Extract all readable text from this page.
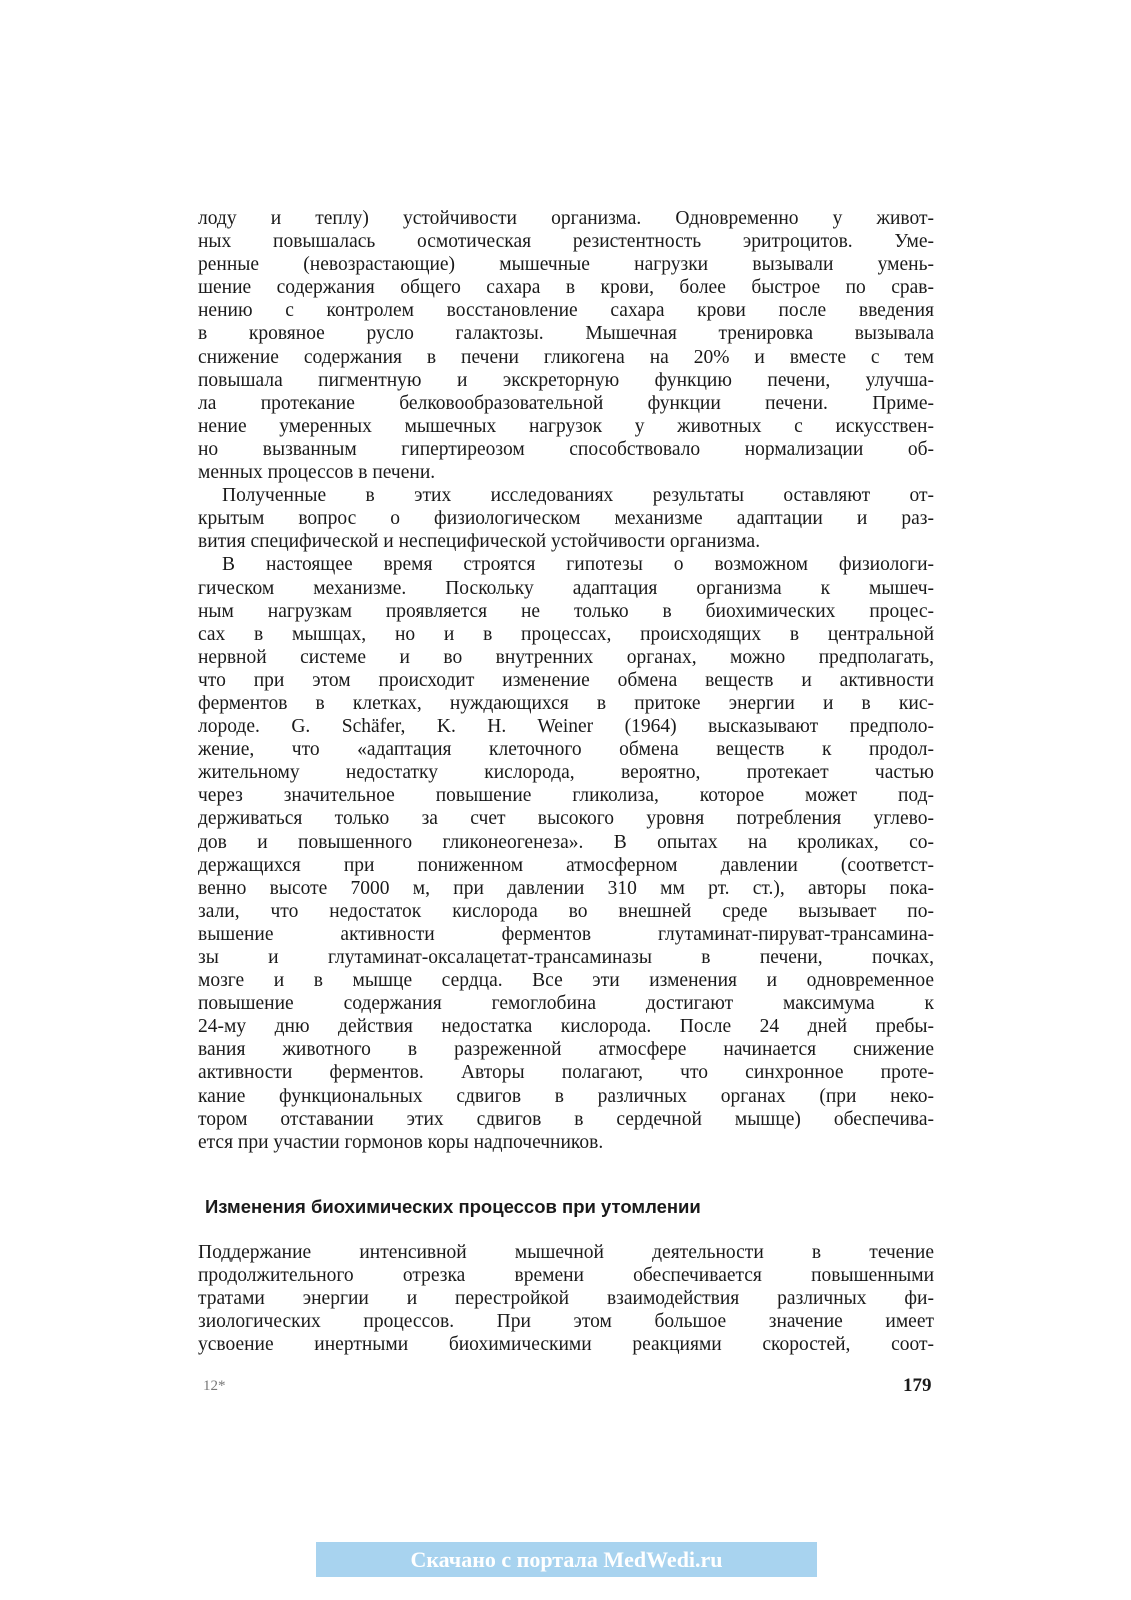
лоду и теплу) устойчивости организма. Одновременно у живот-
ных повышалась осмотическая резистентность эритроцитов. Уме-
ренные (невозрастающие) мышечные нагрузки вызывали умень-
шение содержания общего сахара в крови, более быстрое по срав-
нению с контролем восстановление сахара крови после введения
в кровяное русло галактозы. Мышечная тренировка вызывала
снижение содержания в печени гликогена на 20% и вместе с тем
повышала пигментную и экскреторную функцию печени, улучша-
ла протекание белковообразовательной функции печени. Приме-
нение умеренных мышечных нагрузок у животных с искусствен-
но вызванным гипертиреозом способствовало нормализации об-
менных процессов в печени.
Полученные в этих исследованиях результаты оставляют от-
крытым вопрос о физиологическом механизме адаптации и раз-
вития специфической и неспецифической устойчивости организма.
В настоящее время строятся гипотезы о возможном физиологи-
гическом механизме. Поскольку адаптация организма к мышеч-
ным нагрузкам проявляется не только в биохимических процес-
сах в мышцах, но и в процессах, происходящих в центральной
нервной системе и во внутренних органах, можно предполагать,
что при этом происходит изменение обмена веществ и активности
ферментов в клетках, нуждающихся в притоке энергии и в кис-
лороде. G. Schäfer, K. H. Weiner (1964) высказывают предполо-
жение, что «адаптация клеточного обмена веществ к продол-
жительному недостатку кислорода, вероятно, протекает частью
через значительное повышение гликолиза, которое может под-
держиваться только за счет высокого уровня потребления углево-
дов и повышенного гликонеогенеза». В опытах на кроликах, со-
держащихся при пониженном атмосферном давлении (соответст-
венно высоте 7000 м, при давлении 310 мм рт. ст.), авторы пока-
зали, что недостаток кислорода во внешней среде вызывает по-
вышение активности ферментов глутаминат-пируват-трансамина-
зы и глутаминат-оксалацетат-трансаминазы в печени, почках,
мозге и в мышце сердца. Все эти изменения и одновременное
повышение содержания гемоглобина достигают максимума к
24-му дню действия недостатка кислорода. После 24 дней пребы-
вания животного в разреженной атмосфере начинается снижение
активности ферментов. Авторы полагают, что синхронное проте-
кание функциональных сдвигов в различных органах (при неко-
тором отставании этих сдвигов в сердечной мышце) обеспечива-
ется при участии гормонов коры надпочечников.
Изменения биохимических процессов при утомлении
Поддержание интенсивной мышечной деятельности в течение
продолжительного отрезка времени обеспечивается повышенными
тратами энергии и перестройкой взаимодействия различных фи-
зиологических процессов. При этом большое значение имеет
усвоение инертными биохимическими реакциями скоростей, соот-
12*	179
Скачано с портала MedWedi.ru
